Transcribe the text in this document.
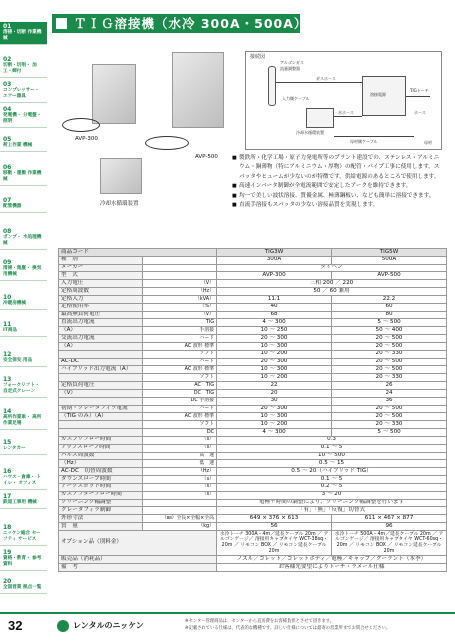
01
溶接・切断 作業機械
02
切断・切削・ 加工・締付
03
コンプレッサー・ エアー器具
04
発電機・ 分電盤・照明
05
荷上作業 機械
06
移動・運搬 作業機械
07
配管機器
08
ポンプ・ 水処理機械
09
清掃・集塵・ 換気用機械
10
冷暖房機械
11
IT商品
12
安全保安 用品
13
フォークリフト・ 自走式クレーン
14
高所作業車・ 高所作業足場
15
レンタカー
16
ハウス・倉庫・ トイレ・ オフィス
17
鉄道工事用 機械
18
ニッケン総合 セーフティ サービス
19
資格・教育・ 参考資料
20
全国営業 拠点一覧
ＴＩＧ溶接機（水冷 300A・500A）
AVP-300
AVP-500
冷却水循環装置
接続図
アルゴンガス
流量調整器
ガスホース
入力側ケーブル
溶接電源
水ホース
冷却水循環装置
母材側ケーブル
TIGトーチ
母材
ホース
■ 製鉄所・化学工場・原子力発電所等のプラント建設での、ステンレス・アルミニウム・銅薄物（特にアルミニウム・厚物）の配管・パイプ工事に使用します。スパッタやヒュームが少ないのが特徴です。供給電源のあるところで使用します。
■ 高速インバータ制御が全電流範囲で安定したアークを維持できます。
■ 均一で美しい波状溶接、質優金属、極薄鋼板い、なども簡単に溶接できます。
■ 直流手溶接もスパッタの少ない溶接品質を実現します。
商品コード		TIG3W	TIG5W
種　別		300A	500A
メーカー		ダイヘン	
型　式		AVP-300	AVP-500
入力電圧	（V）	三相 200 ／ 220	
定格周波数	（Hz）	50 ／ 60 兼用	
定格入力	（kVA）	11.1	22.2
定格使用率	（%）	40	60
最高無負荷電圧	（V）	68	80
直流出力電流	TIG	4 〜 300	5 〜 500
（A）	手溶接	10 〜 250	50 〜 400
交流出力電流	ハード	20 〜 300	20 〜 500
（A）	AC 波形 標準	10 〜 300	20 〜 500
	ソフト	10 〜 200	20 〜 330
AC-DC	ハード	20 〜 300	20 〜 500
ハイブリッド出力電流（A）	AC 波形 標準	10 〜 300	20 〜 500
	ソフト	10 〜 200	20 〜 330
定格負荷電圧	AC　TIG	22	26
（V）	DC　TIG	20	24
	DC 手溶接	30	36
初期・クレータフィラ電流	ハード	20 〜 300	20 〜 500
（TIG のみ）（A）	AC 波形 標準	10 〜 300	20 〜 500
	ソフト	10 〜 200	20 〜 330
	DC	4 〜 300	5 〜 500
ガスプリフロー時間	（s）	0.3	
アップスロープ時間	（s）	0.1 〜 5	
パルス周波数	高　速	10 〜 500	
（Hz）	低　速	0.5 〜 15	
AC-DC　切替周波数	（Hz）	0.5 〜 20（ハイブリッド TIG）	
ダウンスロープ時間	（s）	0.1 〜 5	
アークスポット時間	（s）	0.2 〜 5	
ガスアフターフロー時間	（s）	3 〜 20	
クリーニング幅調整		電極＋時間の調整により、クリーニング幅調整を行います	
クレータフィラ制御		「有」「無」「反復」切替式	
外形寸法	（㎜）全長×全幅×全高	649 × 376 × 613	611 × 467 × 877
質　量	（kg）	56	96
オプション品（別料金）		水冷トーチ 300A・4m／延長ケーブル 20m ／ アルゴンゲージ／ 溶接用キャブタイヤ WCT-38sq・20m ／ リモコン BOX ／ リモコン延長ケーブル 20m	水冷トーチ 500A・4m／延長ケーブル 20m ／ アルゴンゲージ／ 溶接用キャブタイヤ WCT-60sq・20m ／ リモコン BOX ／ リモコン延長ケーブル 20m
販売品（消耗品）		ノズル／コレット／コレットボディ／電極／キャップ／クーラント（本季）	
備　考		お客様先要望によりトーチ・ラメール仕様	
32	レンタルのニッケン	※センター管理商品は、センターから直送費をお客様負担とさせて頂きます。
※記載されている仕様は、代表的な機種です。詳しい仕様については最寄の営業所までお問合せください。
